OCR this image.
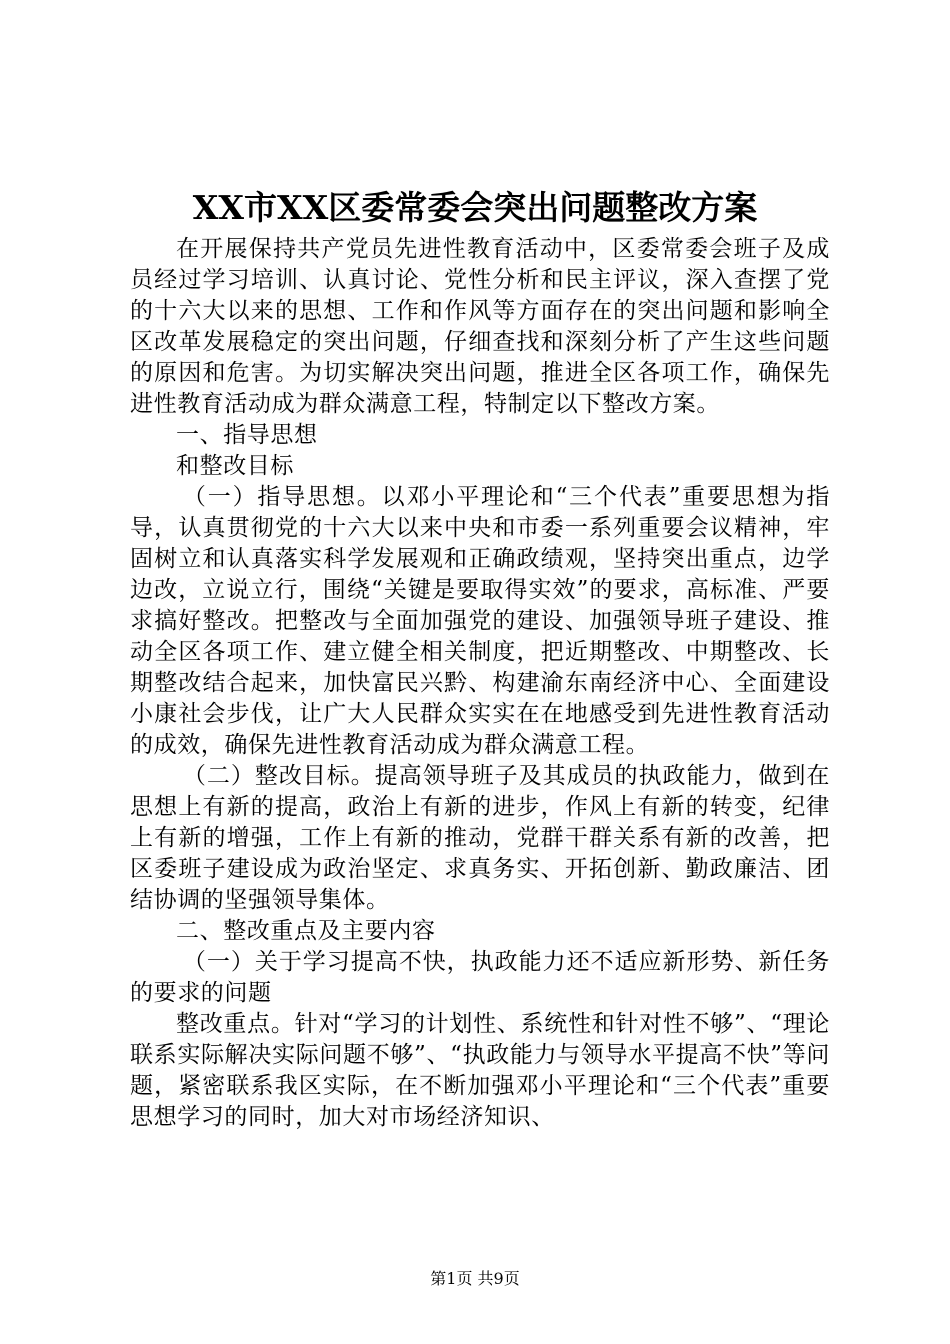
XX市XX区委常委会突出问题整改方案

在开展保持共产党员先进性教育活动中，区委常委会班子及成员经过学习培训、认真讨论、党性分析和民主评议，深入查摆了党的十六大以来的思想、工作和作风等方面存在的突出问题和影响全区改革发展稳定的突出问题，仔细查找和深刻分析了产生这些问题的原因和危害。为切实解决突出问题，推进全区各项工作，确保先进性教育活动成为群众满意工程，特制定以下整改方案。

一、指导思想

和整改目标

（一）指导思想。以邓小平理论和“三个代表”重要思想为指导，认真贯彻党的十六大以来中央和市委一系列重要会议精神，牢固树立和认真落实科学发展观和正确政绩观，坚持突出重点，边学边改，立说立行，围绕“关键是要取得实效”的要求，高标准、严要求搞好整改。把整改与全面加强党的建设、加强领导班子建设、推动全区各项工作、建立健全相关制度，把近期整改、中期整改、长期整改结合起来，加快富民兴黔、构建渝东南经济中心、全面建设小康社会步伐，让广大人民群众实实在在地感受到先进性教育活动的成效，确保先进性教育活动成为群众满意工程。

（二）整改目标。提高领导班子及其成员的执政能力，做到在思想上有新的提高，政治上有新的进步，作风上有新的转变，纪律上有新的增强，工作上有新的推动，党群干群关系有新的改善，把区委班子建设成为政治坚定、求真务实、开拓创新、勤政廉洁、团结协调的坚强领导集体。

二、整改重点及主要内容

（一）关于学习提高不快，执政能力还不适应新形势、新任务的要求的问题

整改重点。针对“学习的计划性、系统性和针对性不够”、“理论联系实际解决实际问题不够”、“执政能力与领导水平提高不快”等问题，紧密联系我区实际，在不断加强邓小平理论和“三个代表”重要思想学习的同时，加大对市场经济知识、

第1页 共9页
